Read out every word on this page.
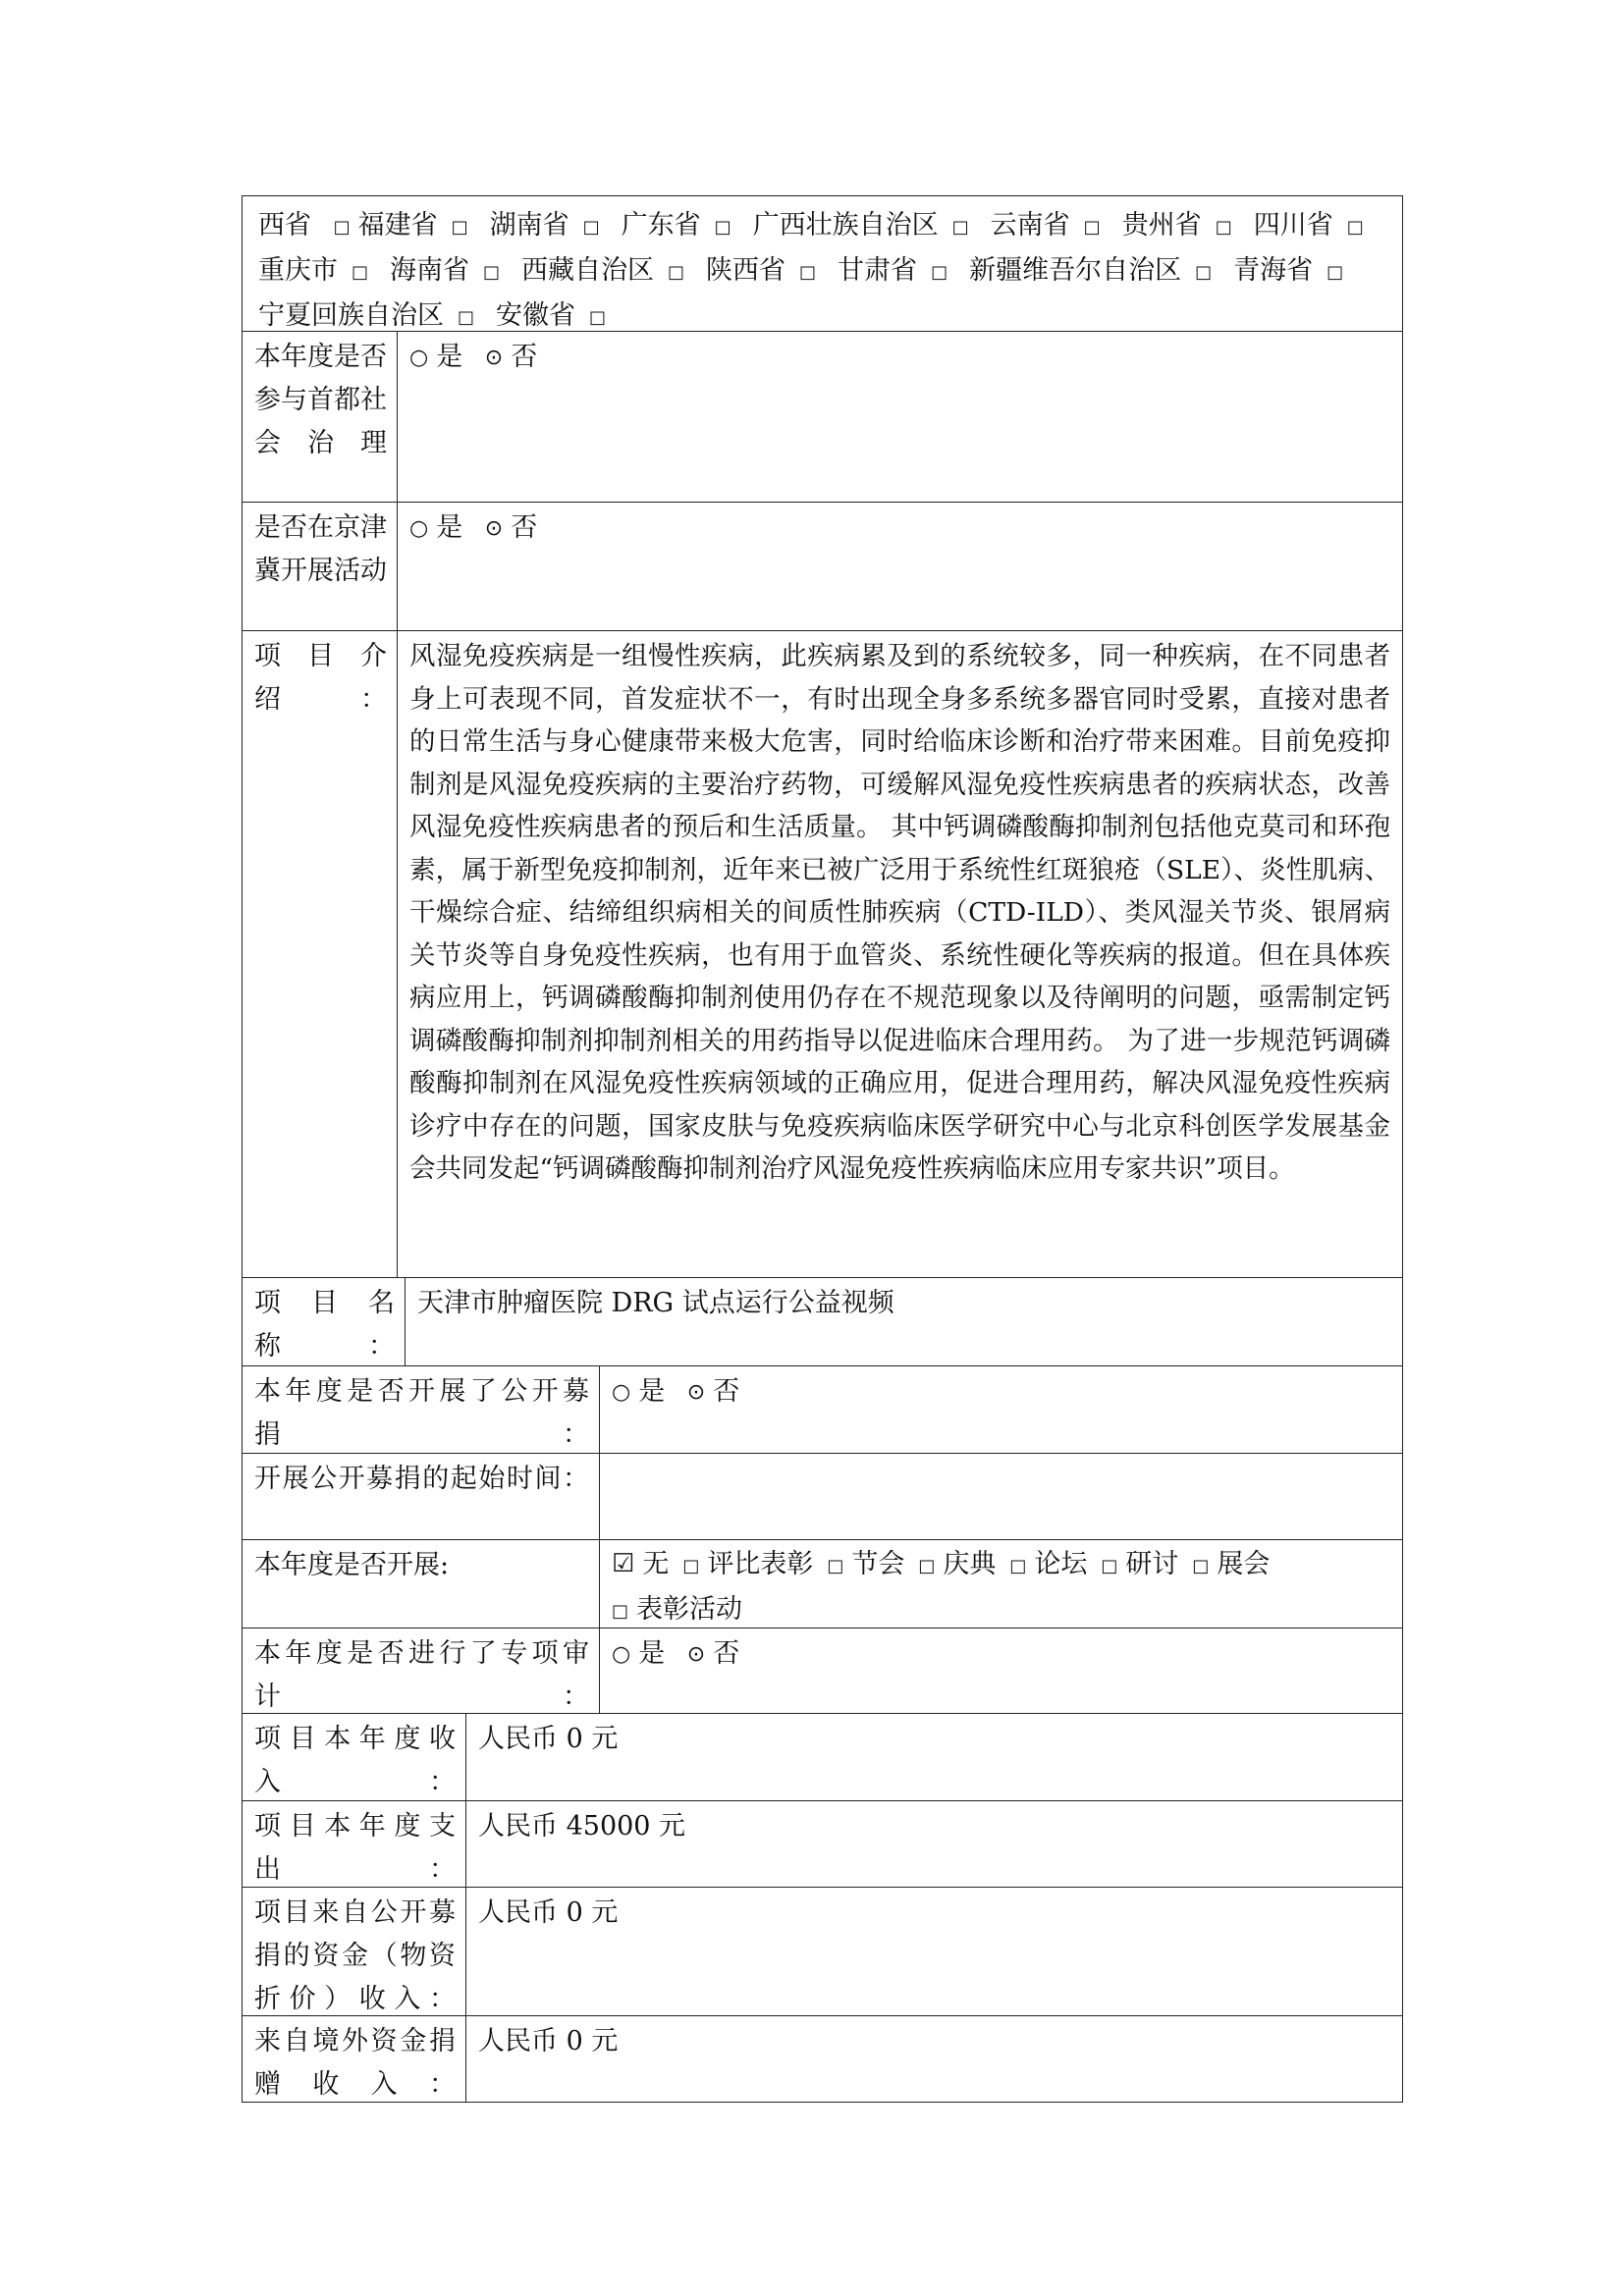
西省 □ 福建省 □ 湖南省 □ 广东省 □ 广西壮族自治区 □ 云南省 □ 贵州省 □ 四川省 □重庆市 □ 海南省 □ 西藏自治区 □ 陕西省 □ 甘肃省 □ 新疆维吾尔自治区 □ 青海省 □宁夏回族自治区 □ 安徽省 □
本年度是否参与首都社会治理
○ 是 ⊙ 否
是否在京津冀开展活动
○ 是 ⊙ 否
项　目　介绍：
风湿免疫疾病是一组慢性疾病，此疾病累及到的系统较多，同一种疾病，在不同患者身上可表现不同，首发症状不一，有时出现全身多系统多器官同时受累，直接对患者的日常生活与身心健康带来极大危害，同时给临床诊断和治疗带来困难。目前免疫抑制剂是风湿免疫疾病的主要治疗药物，可缓解风湿免疫性疾病患者的疾病状态，改善风湿免疫性疾病患者的预后和生活质量。 其中钙调磷酸酶抑制剂包括他克莫司和环孢素，属于新型免疫抑制剂，近年来已被广泛用于系统性红斑狼疮（SLE）、炎性肌病、干燥综合症、结缔组织病相关的间质性肺疾病（CTD-ILD）、类风湿关节炎、银屑病关节炎等自身免疫性疾病，也有用于血管炎、系统性硬化等疾病的报道。但在具体疾病应用上，钙调磷酸酶抑制剂使用仍存在不规范现象以及待阐明的问题，亟需制定钙调磷酸酶抑制剂抑制剂相关的用药指导以促进临床合理用药。 为了进一步规范钙调磷酸酶抑制剂在风湿免疫性疾病领域的正确应用，促进合理用药，解决风湿免疫性疾病诊疗中存在的问题，国家皮肤与免疫疾病临床医学研究中心与北京科创医学发展基金会共同发起“钙调磷酸酶抑制剂治疗风湿免疫性疾病临床应用专家共识”项目。
项　目　名称　：
天津市肿瘤医院 DRG 试点运行公益视频
本年度是否开展了公开募捐：
○ 是 ⊙ 否
开展公开募捐的起始时间：
本年度是否开展:	☑ 无 □ 评比表彰 □ 节会 □ 庆典 □ 论坛 □ 研讨 □ 展会□ 表彰活动
本年度是否进行了专项审计：
○ 是 ⊙ 否
项目本年度收入：
人民币 0 元
项目本年度支出：
人民币 45000 元
项目来自公开募捐的资金（物资折价）收入：
人民币 0 元
来自境外资金捐赠收入：
人民币 0 元
